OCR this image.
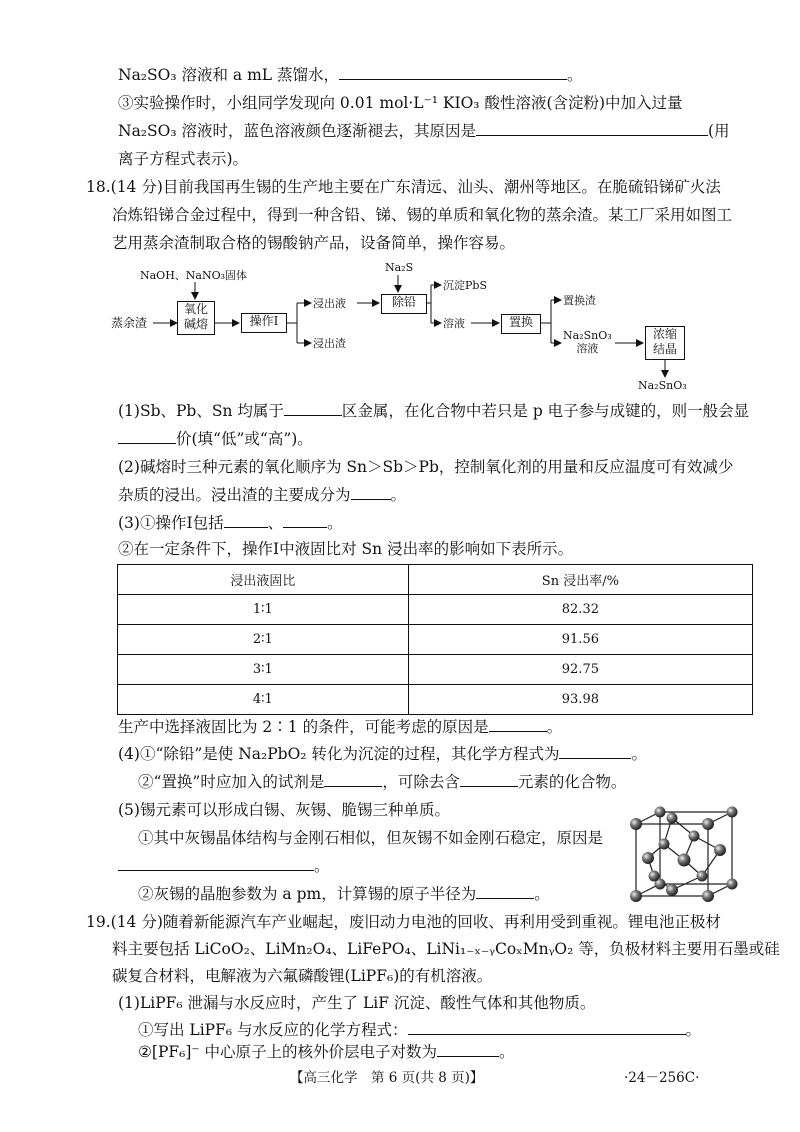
Na₂SO₃ 溶液和 a mL 蒸馏水，	。
③实验操作时，小组同学发现向 0.01 mol·L⁻¹ KIO₃ 酸性溶液(含淀粉)中加入过量
Na₂SO₃ 溶液时，蓝色溶液颜色逐渐褪去，其原因是	(用
离子方程式表示)。
18.(14 分)目前我国再生锡的生产地主要在广东清远、汕头、潮州等地区。在脆硫铅锑矿火法
冶炼铅锑合金过程中，得到一种含铅、锑、锡的单质和氧化物的蒸余渣。某工厂采用如图工
艺用蒸余渣制取合格的锡酸钠产品，设备简单，操作容易。
NaOH、NaNO₃固体
蒸余渣
氧化
碱熔	操作Ⅰ
浸出液
浸出渣
Na₂S
除铅
沉淀PbS
溶液	置换
置换渣
Na₂SnO₃
溶液
浓缩
结晶
Na₂SnO₃
(1)Sb、Pb、Sn 均属于	区金属，在化合物中若只是 p 电子参与成键的，则一般会显
价(填“低”或“高”)。
(2)碱熔时三种元素的氧化顺序为 Sn＞Sb＞Pb，控制氧化剂的用量和反应温度可有效减少
杂质的浸出。浸出渣的主要成分为	。
(3)①操作Ⅰ包括	、	。
②在一定条件下，操作Ⅰ中液固比对 Sn 浸出率的影响如下表所示。
浸出液固比	Sn 浸出率/%
1∶1	82.32
2∶1	91.56
3∶1	92.75
4∶1	93.98
生产中选择液固比为 2∶1 的条件，可能考虑的原因是	。
(4)①“除铅”是使 Na₂PbO₂ 转化为沉淀的过程，其化学方程式为	。
②“置换”时应加入的试剂是	，可除去含	元素的化合物。
(5)锡元素可以形成白锡、灰锡、脆锡三种单质。
①其中灰锡晶体结构与金刚石相似，但灰锡不如金刚石稳定，原因是
。
②灰锡的晶胞参数为 a pm，计算锡的原子半径为	。
19.(14 分)随着新能源汽车产业崛起，废旧动力电池的回收、再利用受到重视。锂电池正极材
料主要包括 LiCoO₂、LiMn₂O₄、LiFePO₄、LiNi₁₋ₓ₋ᵧCoₓMnᵧO₂ 等，负极材料主要用石墨或硅
碳复合材料，电解液为六氟磷酸锂(LiPF₆)的有机溶液。
(1)LiPF₆ 泄漏与水反应时，产生了 LiF 沉淀、酸性气体和其他物质。
①写出 LiPF₆ 与水反应的化学方程式：	。
②[PF₆]⁻ 中心原子上的核外价层电子对数为	。
【高三化学　第 6 页(共 8 页)】	·24－256C·
